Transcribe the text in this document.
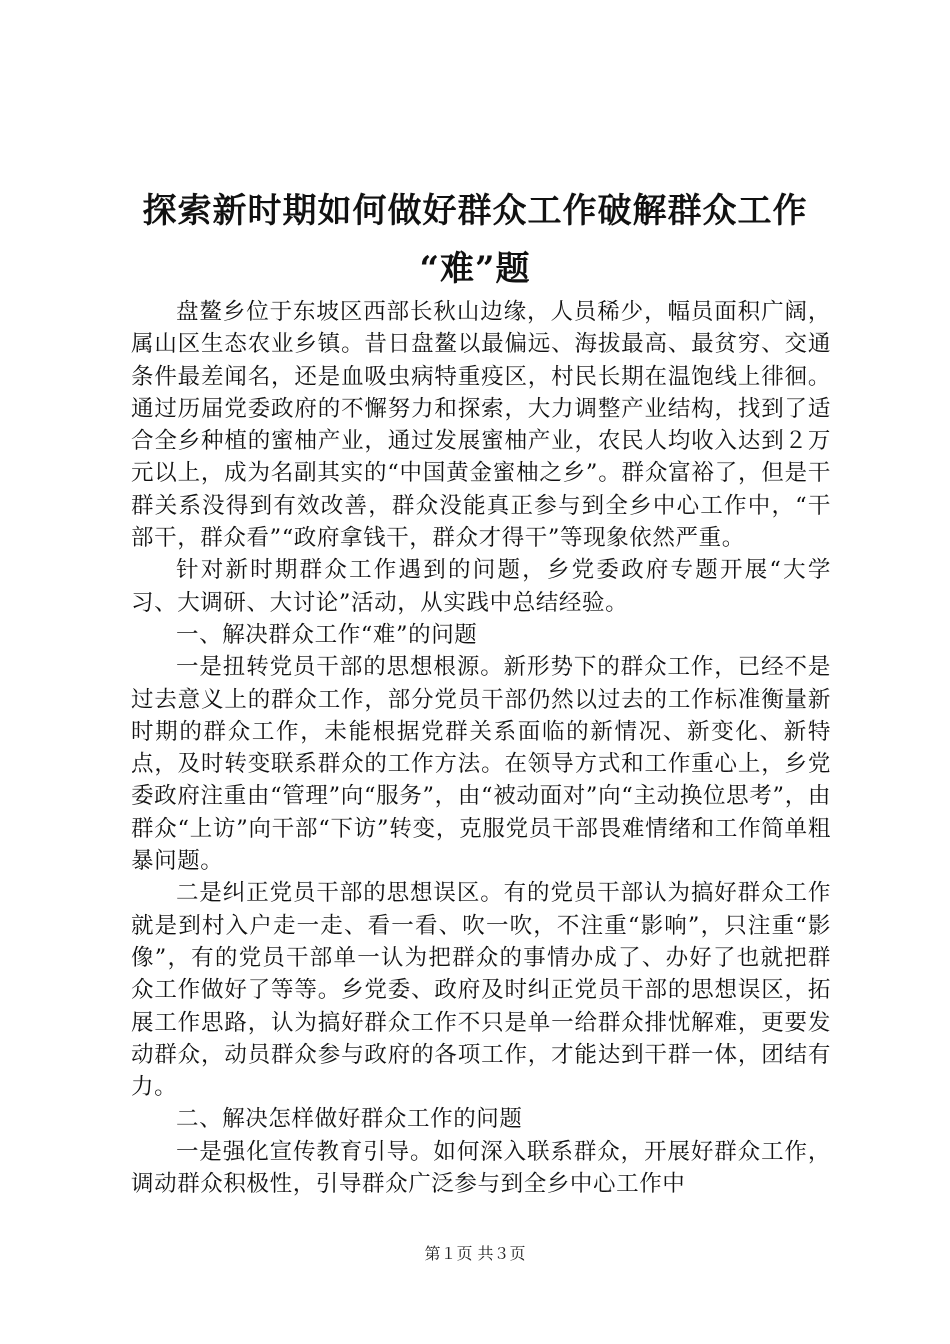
探索新时期如何做好群众工作破解群众工作
“难”题

盘鳌乡位于东坡区西部长秋山边缘，人员稀少，幅员面积广阔，属山区生态农业乡镇。昔日盘鳌以最偏远、海拔最高、最贫穷、交通条件最差闻名，还是血吸虫病特重疫区，村民长期在温饱线上徘徊。通过历届党委政府的不懈努力和探索，大力调整产业结构，找到了适合全乡种植的蜜柚产业，通过发展蜜柚产业，农民人均收入达到２万元以上，成为名副其实的“中国黄金蜜柚之乡”。群众富裕了，但是干群关系没得到有效改善，群众没能真正参与到全乡中心工作中，“干部干，群众看”“政府拿钱干，群众才得干”等现象依然严重。

针对新时期群众工作遇到的问题，乡党委政府专题开展“大学习、大调研、大讨论”活动，从实践中总结经验。

一、解决群众工作“难”的问题

一是扭转党员干部的思想根源。新形势下的群众工作，已经不是过去意义上的群众工作，部分党员干部仍然以过去的工作标准衡量新时期的群众工作，未能根据党群关系面临的新情况、新变化、新特点，及时转变联系群众的工作方法。在领导方式和工作重心上，乡党委政府注重由“管理”向“服务”，由“被动面对”向“主动换位思考”，由群众“上访”向干部“下访”转变，克服党员干部畏难情绪和工作简单粗暴问题。

二是纠正党员干部的思想误区。有的党员干部认为搞好群众工作就是到村入户走一走、看一看、吹一吹，不注重“影响”，只注重“影像”，有的党员干部单一认为把群众的事情办成了、办好了也就把群众工作做好了等等。乡党委、政府及时纠正党员干部的思想误区，拓展工作思路，认为搞好群众工作不只是单一给群众排忧解难，更要发动群众，动员群众参与政府的各项工作，才能达到干群一体，团结有力。

二、解决怎样做好群众工作的问题

一是强化宣传教育引导。如何深入联系群众，开展好群众工作，调动群众积极性，引导群众广泛参与到全乡中心工作中

第１页 共３页
